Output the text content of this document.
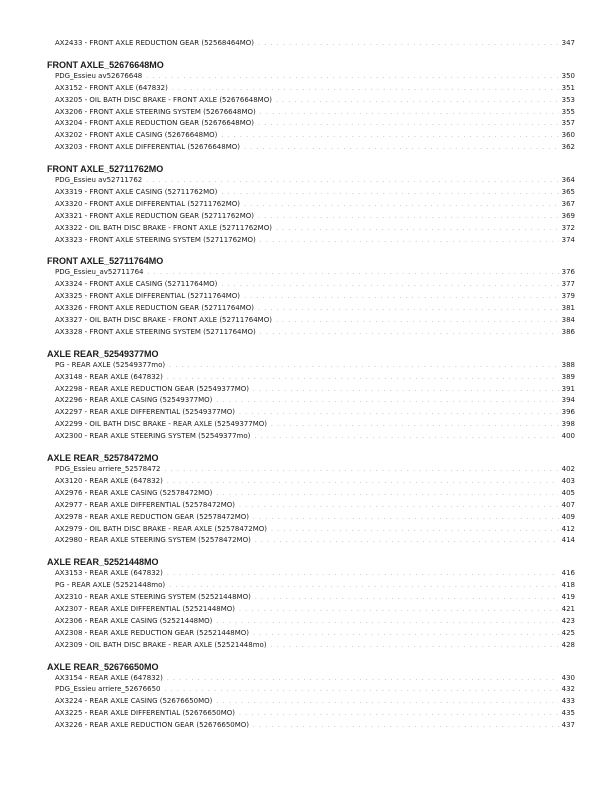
AX2433 - FRONT AXLE REDUCTION GEAR (52568464MO) . . .	347
FRONT AXLE_52676648MO
PDG_Essieu av52676648 . . .	350
AX3152 - FRONT AXLE (647832) . . .	351
AX3205 - OIL BATH DISC BRAKE - FRONT AXLE (52676648MO) . . .	353
AX3206 - FRONT AXLE STEERING SYSTEM (52676648MO) . . .	355
AX3204 - FRONT AXLE REDUCTION GEAR (52676648MO) . . .	357
AX3202 - FRONT AXLE CASING (52676648MO) . . .	360
AX3203 - FRONT AXLE DIFFERENTIAL (52676648MO) . . .	362
FRONT AXLE_52711762MO
PDG_Essieu av52711762 . . .	364
AX3319 - FRONT AXLE CASING (52711762MO) . . .	365
AX3320 - FRONT AXLE DIFFERENTIAL (52711762MO) . . .	367
AX3321 - FRONT AXLE REDUCTION GEAR (52711762MO) . . .	369
AX3322 - OIL BATH DISC BRAKE - FRONT AXLE (52711762MO) . . .	372
AX3323 - FRONT AXLE STEERING SYSTEM (52711762MO) . . .	374
FRONT AXLE_52711764MO
PDG_Essieu_av52711764 . . .	376
AX3324 - FRONT AXLE CASING (52711764MO) . . .	377
AX3325 - FRONT AXLE DIFFERENTIAL (52711764MO) . . .	379
AX3326 - FRONT AXLE REDUCTION GEAR (52711764MO) . . .	381
AX3327 - OIL BATH DISC BRAKE - FRONT AXLE (52711764MO) . . .	384
AX3328 - FRONT AXLE STEERING SYSTEM (52711764MO) . . .	386
AXLE REAR_52549377MO
PG - REAR AXLE (52549377mo) . . .	388
AX3148 - REAR AXLE (647832) . . .	389
AX2298 - REAR AXLE REDUCTION GEAR (52549377MO) . . .	391
AX2296 - REAR AXLE CASING (52549377MO) . . .	394
AX2297 - REAR AXLE DIFFERENTIAL (52549377MO) . . .	396
AX2299 - OIL BATH DISC BRAKE - REAR AXLE (52549377MO) . . .	398
AX2300 - REAR AXLE STEERING SYSTEM (52549377mo) . . .	400
AXLE REAR_52578472MO
PDG_Essieu arriere_52578472 . . .	402
AX3120 - REAR AXLE (647832) . . .	403
AX2976 - REAR AXLE CASING (52578472MO) . . .	405
AX2977 - REAR AXLE DIFFERENTIAL (52578472MO) . . .	407
AX2978 - REAR AXLE REDUCTION GEAR (52578472MO) . . .	409
AX2979 - OIL BATH DISC BRAKE - REAR AXLE (52578472MO) . . .	412
AX2980 - REAR AXLE STEERING SYSTEM (52578472MO) . . .	414
AXLE REAR_52521448MO
AX3153 - REAR AXLE (647832) . . .	416
PG - REAR AXLE (52521448mo) . . .	418
AX2310 - REAR AXLE STEERING SYSTEM (52521448MO) . . .	419
AX2307 - REAR AXLE DIFFERENTIAL (52521448MO) . . .	421
AX2306 - REAR AXLE CASING (52521448MO) . . .	423
AX2308 - REAR AXLE REDUCTION GEAR (52521448MO) . . .	425
AX2309 - OIL BATH DISC BRAKE - REAR AXLE (52521448mo) . . .	428
AXLE REAR_52676650MO
AX3154 - REAR AXLE (647832) . . .	430
PDG_Essieu arriere_52676650 . . .	432
AX3224 - REAR AXLE CASING (52676650MO) . . .	433
AX3225 - REAR AXLE DIFFERENTIAL (52676650MO) . . .	435
AX3226 - REAR AXLE REDUCTION GEAR (52676650MO) . . .	437
